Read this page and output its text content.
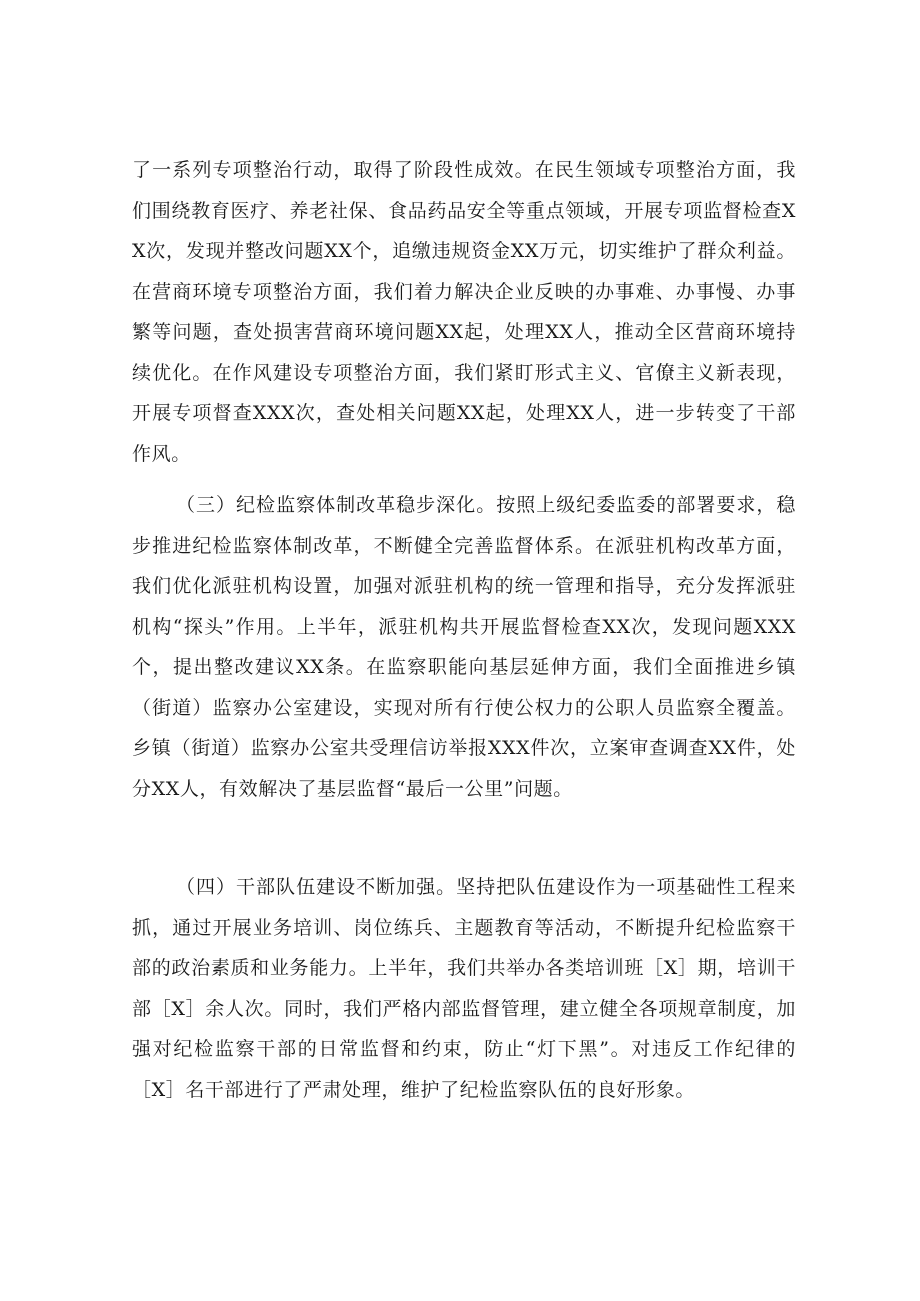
了一系列专项整治行动，取得了阶段性成效。在民生领域专项整治方面，我们围绕教育医疗、养老社保、食品药品安全等重点领域，开展专项监督检查XX次，发现并整改问题XX个，追缴违规资金XX万元，切实维护了群众利益。在营商环境专项整治方面，我们着力解决企业反映的办事难、办事慢、办事繁等问题，查处损害营商环境问题XX起，处理XX人，推动全区营商环境持续优化。在作风建设专项整治方面，我们紧盯形式主义、官僚主义新表现，开展专项督查XXX次，查处相关问题XX起，处理XX人，进一步转变了干部作风。

（三）纪检监察体制改革稳步深化。按照上级纪委监委的部署要求，稳步推进纪检监察体制改革，不断健全完善监督体系。在派驻机构改革方面，我们优化派驻机构设置，加强对派驻机构的统一管理和指导，充分发挥派驻机构“探头”作用。上半年，派驻机构共开展监督检查XX次，发现问题XXX个，提出整改建议XX条。在监察职能向基层延伸方面，我们全面推进乡镇（街道）监察办公室建设，实现对所有行使公权力的公职人员监察全覆盖。乡镇（街道）监察办公室共受理信访举报XXX件次，立案审查调查XX件，处分XX人，有效解决了基层监督“最后一公里”问题。

（四）干部队伍建设不断加强。坚持把队伍建设作为一项基础性工程来抓，通过开展业务培训、岗位练兵、主题教育等活动，不断提升纪检监察干部的政治素质和业务能力。上半年，我们共举办各类培训班［X］期，培训干部［X］余人次。同时，我们严格内部监督管理，建立健全各项规章制度，加强对纪检监察干部的日常监督和约束，防止“灯下黑”。对违反工作纪律的［X］名干部进行了严肃处理，维护了纪检监察队伍的良好形象。
